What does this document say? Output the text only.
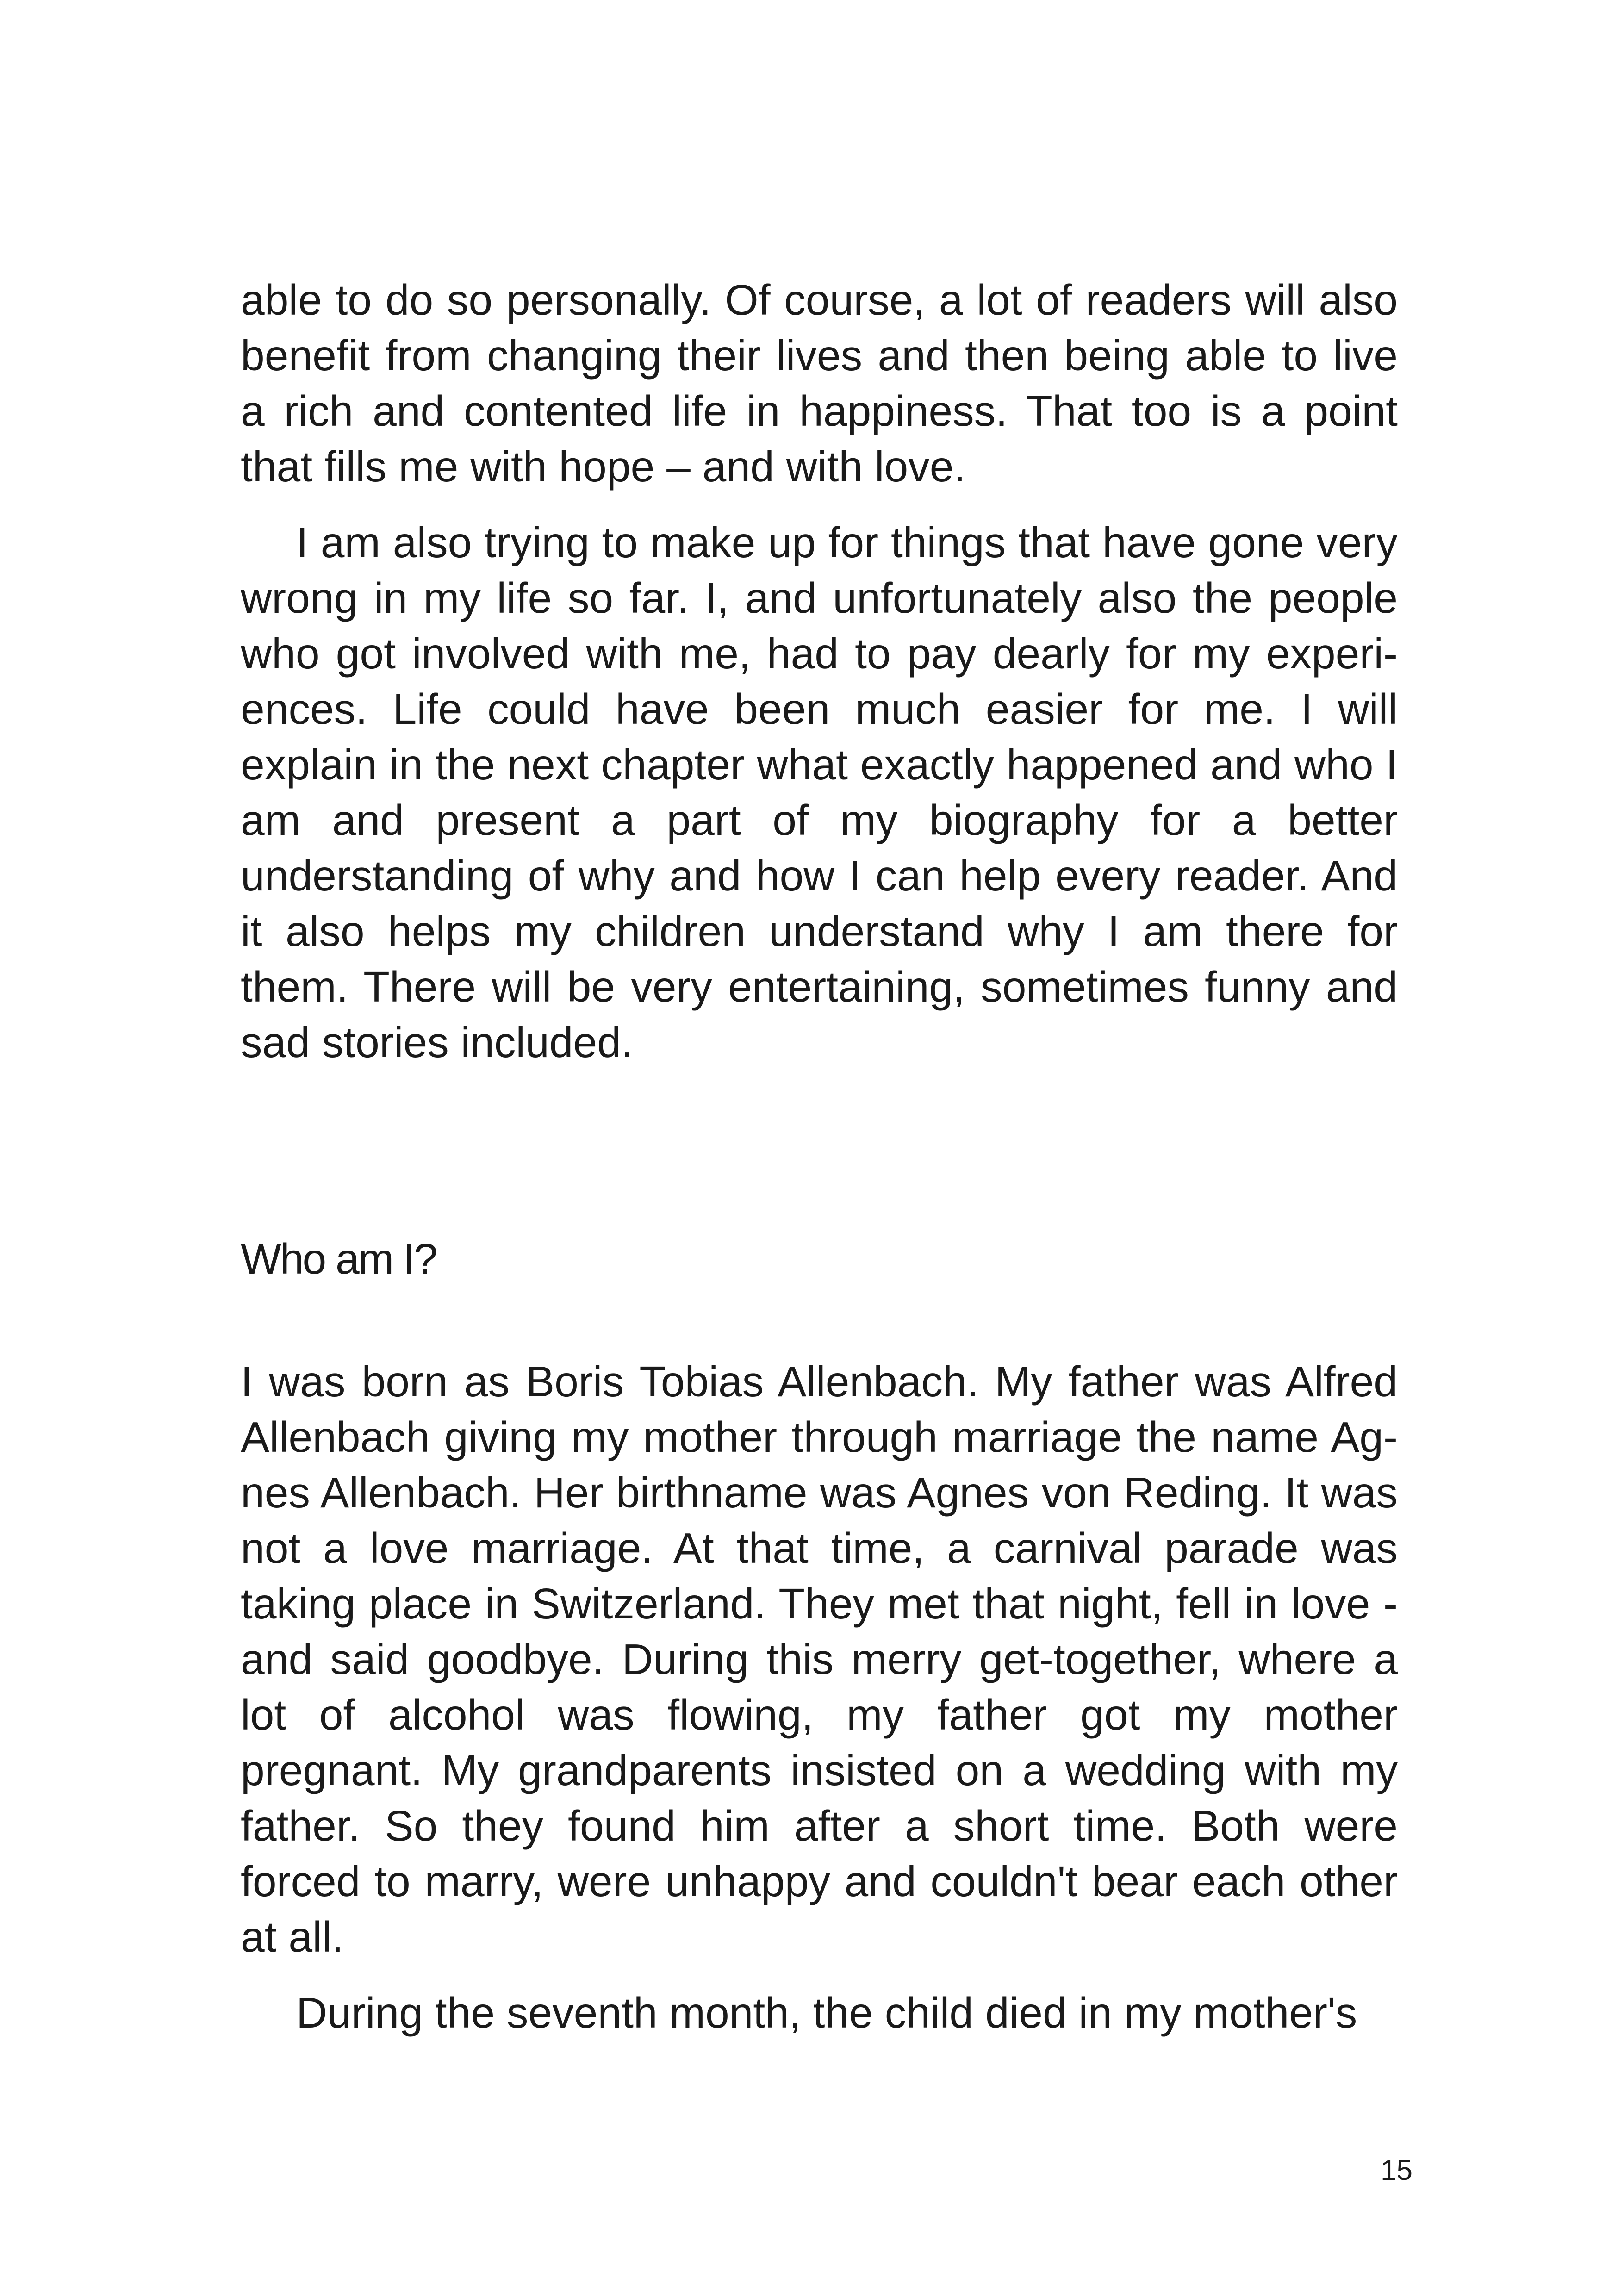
able to do so personally. Of course, a lot of readers will also benefit from changing their lives and then being able to live a rich and contented life in happiness. That too is a point that fills me with hope – and with love.

I am also trying to make up for things that have gone very wrong in my life so far. I, and unfortunately also the people who got involved with me, had to pay dearly for my experiences. Life could have been much easier for me. I will explain in the next chapter what exactly happened and who I am and present a part of my biography for a better understanding of why and how I can help every reader. And it also helps my children understand why I am there for them. There will be very entertaining, sometimes funny and sad stories included.

Who am I?

I was born as Boris Tobias Allenbach. My father was Alfred Allenbach giving my mother through marriage the name Agnes Allenbach. Her birthname was Agnes von Reding. It was not a love marriage. At that time, a carnival parade was taking place in Switzerland. They met that night, fell in love - and said goodbye. During this merry get-together, where a lot of alcohol was flowing, my father got my mother pregnant. My grandparents insisted on a wedding with my father. So they found him after a short time. Both were forced to marry, were unhappy and couldn't bear each other at all.

During the seventh month, the child died in my mother's

15
